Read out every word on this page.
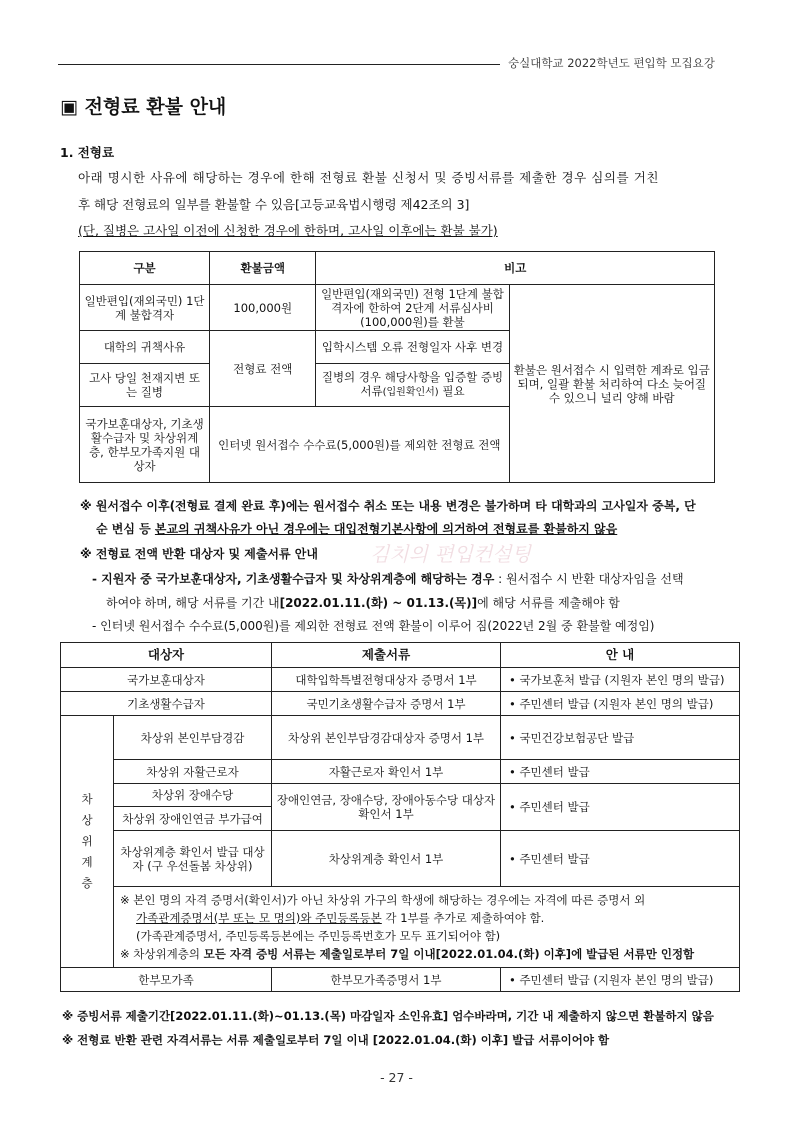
숭실대학교 2022학년도 편입학 모집요강
▣ 전형료 환불 안내
1. 전형료
아래 명시한 사유에 해당하는 경우에 한해 전형료 환불 신청서 및 증빙서류를 제출한 경우 심의를 거친
후 해당 전형료의 일부를 환불할 수 있음[고등교육법시행령 제42조의 3]
(단, 질병은 고사일 이전에 신청한 경우에 한하며, 고사일 이후에는 환불 불가)
구분	환불금액	비고	
일반편입(재외국민) 1단계 불합격자	100,000원	일반편입(재외국민) 전형 1단계 불합격자에 한하여 2단계 서류심사비(100,000원)를 환불	환불은 원서접수 시 입력한 계좌로 입금되며, 일괄 환불 처리하여 다소 늦어질 수 있으니 널리 양해 바람
대학의 귀책사유	전형료 전액	입학시스템 오류 전형일자 사후 변경	
고사 당일 천재지변 또는 질병		질병의 경우 해당사항을 입증할 증빙서류(입원확인서) 필요	
국가보훈대상자, 기초생활수급자 및 차상위계층, 한부모가족지원 대상자	인터넷 원서접수 수수료(5,000원)를 제외한 전형료 전액		
※ 원서접수 이후(전형료 결제 완료 후)에는 원서접수 취소 또는 내용 변경은 불가하며 타 대학과의 고사일자 중복, 단
순 변심 등 본교의 귀책사유가 아닌 경우에는 대입전형기본사항에 의거하여 전형료를 환불하지 않음
※ 전형료 전액 반환 대상자 및 제출서류 안내	김치의 편입컨설팅
- 지원자 중 국가보훈대상자, 기초생활수급자 및 차상위계층에 해당하는 경우 : 원서접수 시 반환 대상자임을 선택
하여야 하며, 해당 서류를 기간 내[2022.01.11.(화) ~ 01.13.(목)]에 해당 서류를 제출해야 함
- 인터넷 원서접수 수수료(5,000원)를 제외한 전형료 전액 환불이 이루어 짐(2022년 2월 중 환불할 예정임)
대상자		제출서류	안 내
국가보훈대상자		대학입학특별전형대상자 증명서 1부	• 국가보훈처 발급 (지원자 본인 명의 발급)
기초생활수급자		국민기초생활수급자 증명서 1부	• 주민센터 발급 (지원자 본인 명의 발급)
차
상
위
계
층	차상위 본인부담경감	차상위 본인부담경감대상자 증명서 1부	• 국민건강보험공단 발급
	차상위 자활근로자	자활근로자 확인서 1부	• 주민센터 발급
	차상위 장애수당	장애인연금, 장애수당, 장애아동수당 대상자 확인서 1부	• 주민센터 발급
	차상위 장애인연금 부가급여		
	차상위계층 확인서 발급 대상자 (구 우선돌봄 차상위)	차상위계층 확인서 1부	• 주민센터 발급

	※ 본인 명의 자격 증명서(확인서)가 아닌 차상위 가구의 학생에 해당하는 경우에는 자격에 따른 증명서 외
가족관계증명서(부 또는 모 명의)와 주민등록등본 각 1부를 추가로 제출하여야 함.
(가족관계증명서, 주민등록등본에는 주민등록번호가 모두 표기되어야 함)
※ 차상위계층의 모든 자격 증빙 서류는 제출일로부터 7일 이내[2022.01.04.(화) 이후]에 발급된 서류만 인정함		

한부모가족		한부모가족증명서 1부	• 주민센터 발급 (지원자 본인 명의 발급)
※ 증빙서류 제출기간[2022.01.11.(화)~01.13.(목) 마감일자 소인유효] 엄수바라며, 기간 내 제출하지 않으면 환불하지 않음
※ 전형료 반환 관련 자격서류는 서류 제출일로부터 7일 이내 [2022.01.04.(화) 이후] 발급 서류이어야 함
- 27 -
